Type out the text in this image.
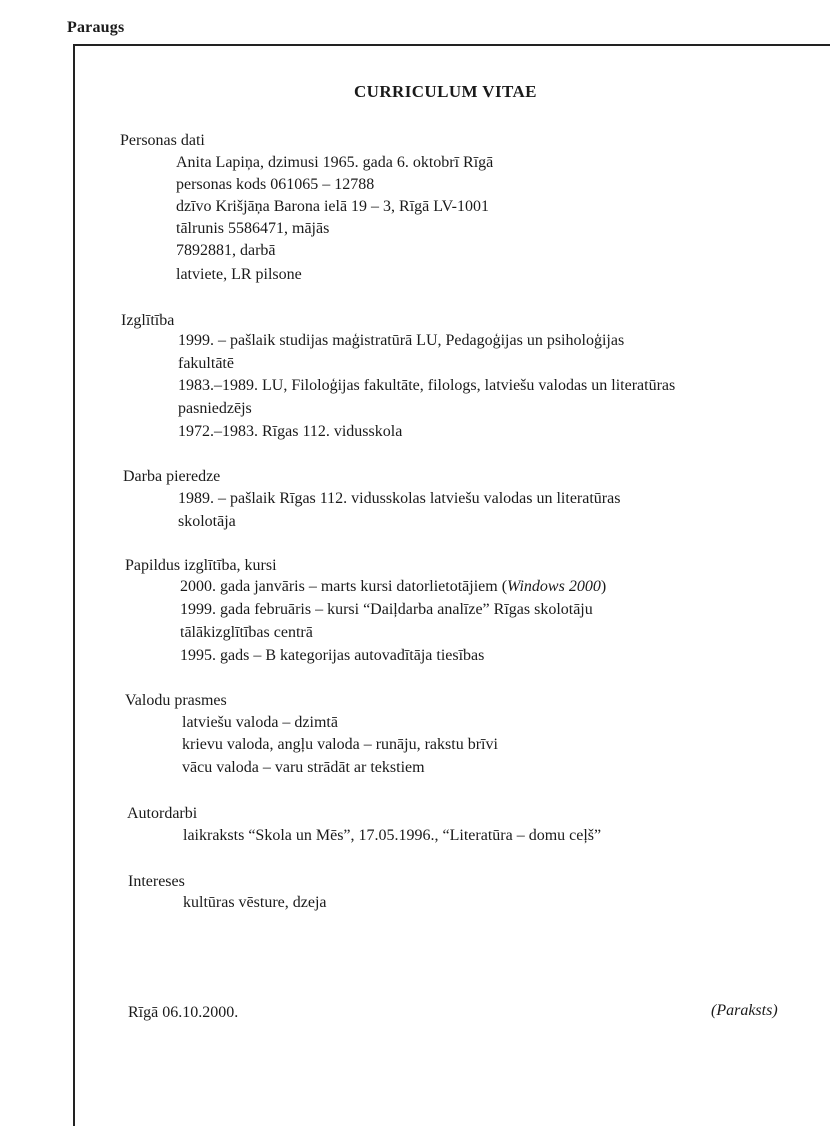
Paraugs
CURRICULUM VITAE
Personas dati
Anita Lapiņa, dzimusi 1965. gada 6. oktobrī Rīgā
personas kods 061065 – 12788
dzīvo Krišjāņa Barona ielā 19 – 3, Rīgā LV-1001
tālrunis 5586471, mājās
7892881, darbā
latviete, LR pilsone
Izglītība
1999. – pašlaik studijas maģistratūrā LU, Pedagoģijas un psiholoģijas
fakultātē
1983.–1989. LU, Filoloģijas fakultāte, filologs, latviešu valodas un literatūras
pasniedzējs
1972.–1983. Rīgas 112. vidusskola
Darba pieredze
1989. – pašlaik Rīgas 112. vidusskolas latviešu valodas un literatūras
skolotāja
Papildus izglītība, kursi
2000. gada janvāris – marts kursi datorlietotājiem (Windows 2000)
1999. gada februāris – kursi “Daiļdarba analīze” Rīgas skolotāju
tālākizglītības centrā
1995. gads – B kategorijas autovadītāja tiesības
Valodu prasmes
latviešu valoda – dzimtā
krievu valoda, angļu valoda – runāju, rakstu brīvi
vācu valoda – varu strādāt ar tekstiem
Autordarbi
laikraksts “Skola un Mēs”, 17.05.1996., “Literatūra – domu ceļš”
Intereses
kultūras vēsture, dzeja
Rīgā 06.10.2000.	(Paraksts)
